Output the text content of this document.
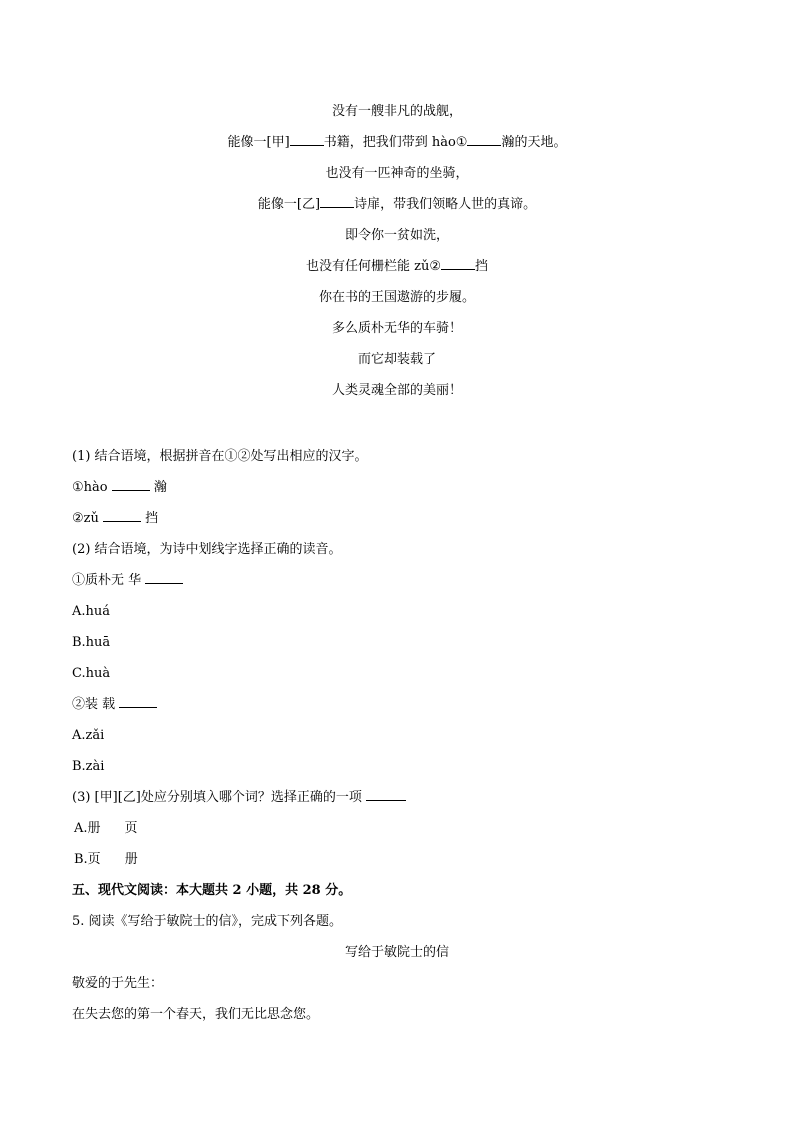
没有一艘非凡的战舰，
能像一[甲]	书籍，把我们带到 hào①	瀚的天地。
也没有一匹神奇的坐骑，
能像一[乙]	诗扉，带我们领略人世的真谛。
即令你一贫如洗，
也没有任何栅栏能 zǔ②	挡
你在书的王国遨游的步履。
多么质朴无华的车骑！
而它却装载了
人类灵魂全部的美丽！
(1) 结合语境，根据拼音在①②处写出相应的汉字。
①hào	瀚
②zǔ	挡
(2) 结合语境，为诗中划线字选择正确的读音。
①质朴无 华
A.huá
B.huā
C.huà
②装 载
A.zǎi
B.zài
(3) [甲][乙]处应分别填入哪个词？选择正确的一项
A.册 页
B.页 册
五、现代文阅读：本大题共 2 小题，共 28 分。
5. 阅读《写给于敏院士的信》，完成下列各题。
写给于敏院士的信
敬爱的于先生：
在失去您的第一个春天，我们无比思念您。
